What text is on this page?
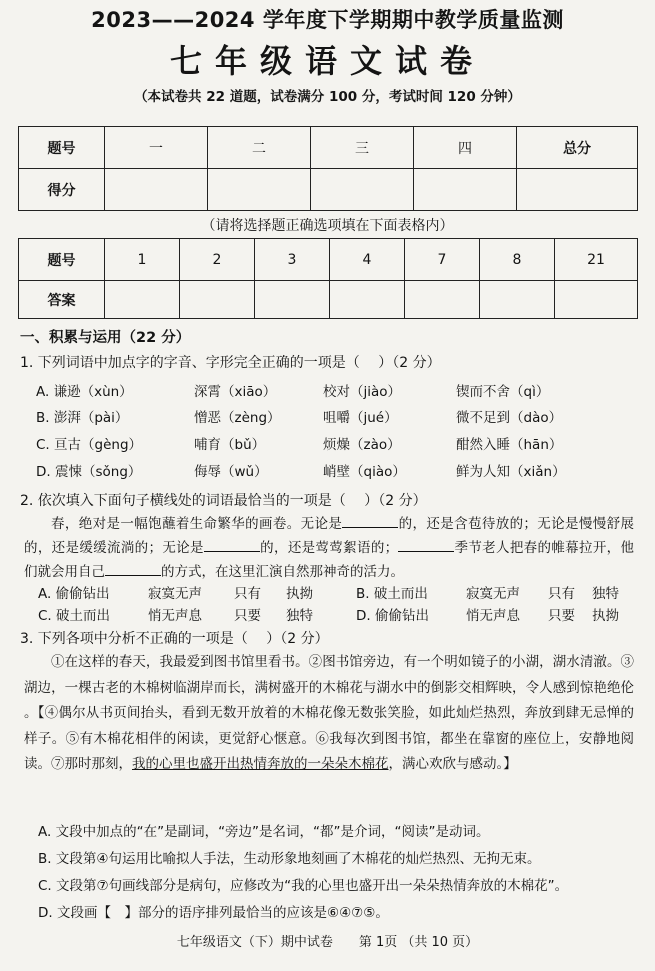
2023——2024 学年度下学期期中教学质量监测
七年级语文试卷
（本试卷共 22 道题，试卷满分 100 分，考试时间 120 分钟）
题号	一	二	三	四	总分
得分					
（请将选择题正确选项填在下面表格内）
题号	1	2	3	4	7	8	21
答案							
一、积累与运用（22 分）
1. 下列词语中加点字的字音、字形完全正确的一项是（　 ）（2 分）
A. 谦逊（xùn）	深霄（xiāo）	校对（jiào）	锲而不舍（qì）
B. 澎湃（pài）	憎恶（zèng）	咀嚼（jué）	微不足到（dào）
C. 亘古（gèng）	哺育（bǔ）	烦燥（zào）	酣然入睡（hān）
D. 震悚（sǒng）	侮辱（wǔ）	峭壁（qiào）	鲜为人知（xiǎn）
2. 依次填入下面句子横线处的词语最恰当的一项是（　 ）（2 分）

春，绝对是一幅饱蘸着生命繁华的画卷。无论是	的，还是含苞待放的；无论是慢慢舒展的，还是缓缓流淌的；无论是	的，还是莺莺絮语的；	季节老人把春的帷幕拉开，他们就会用自己	的方式，在这里汇演自然那神奇的活力。

A. 偷偷钻出	寂寞无声 只有 执拗	B. 破土而出	寂寞无声 只有 独特
C. 破土而出	悄无声息 只要 独特	D. 偷偷钻出	悄无声息 只要 执拗
3. 下列各项中分析不正确的一项是（　 ）（2 分）

①在这样的春天，我最爱到图书馆里看书。②图书馆旁边，有一个明如镜子的小湖，湖水清澈。③湖边，一棵古老的木棉树临湖岸而长，满树盛开的木棉花与湖水中的倒影交相辉映，令人感到惊艳绝伦 。【④偶尔从书页间抬头，看到无数开放着的木棉花像无数张笑脸，如此灿烂热烈，奔放到肆无忌惮的样子。⑤有木棉花相伴的闲读，更觉舒心惬意。⑥我每次到图书馆，都坐在靠窗的座位上，安静地阅读。⑦那时那刻，我的心里也盛开出热情奔放的一朵朵木棉花，满心欢欣与感动。】

A. 文段中加点的“在”是副词，“旁边”是名词，“都”是介词，“阅读”是动词。
B. 文段第④句运用比喻拟人手法，生动形象地刻画了木棉花的灿烂热烈、无拘无束。
C. 文段第⑦句画线部分是病句，应修改为“我的心里也盛开出一朵朵热情奔放的木棉花”。
D. 文段画【　】部分的语序排列最恰当的应该是⑥④⑦⑤。
七年级语文（下）期中试卷　　第 1页 （共 10 页）
